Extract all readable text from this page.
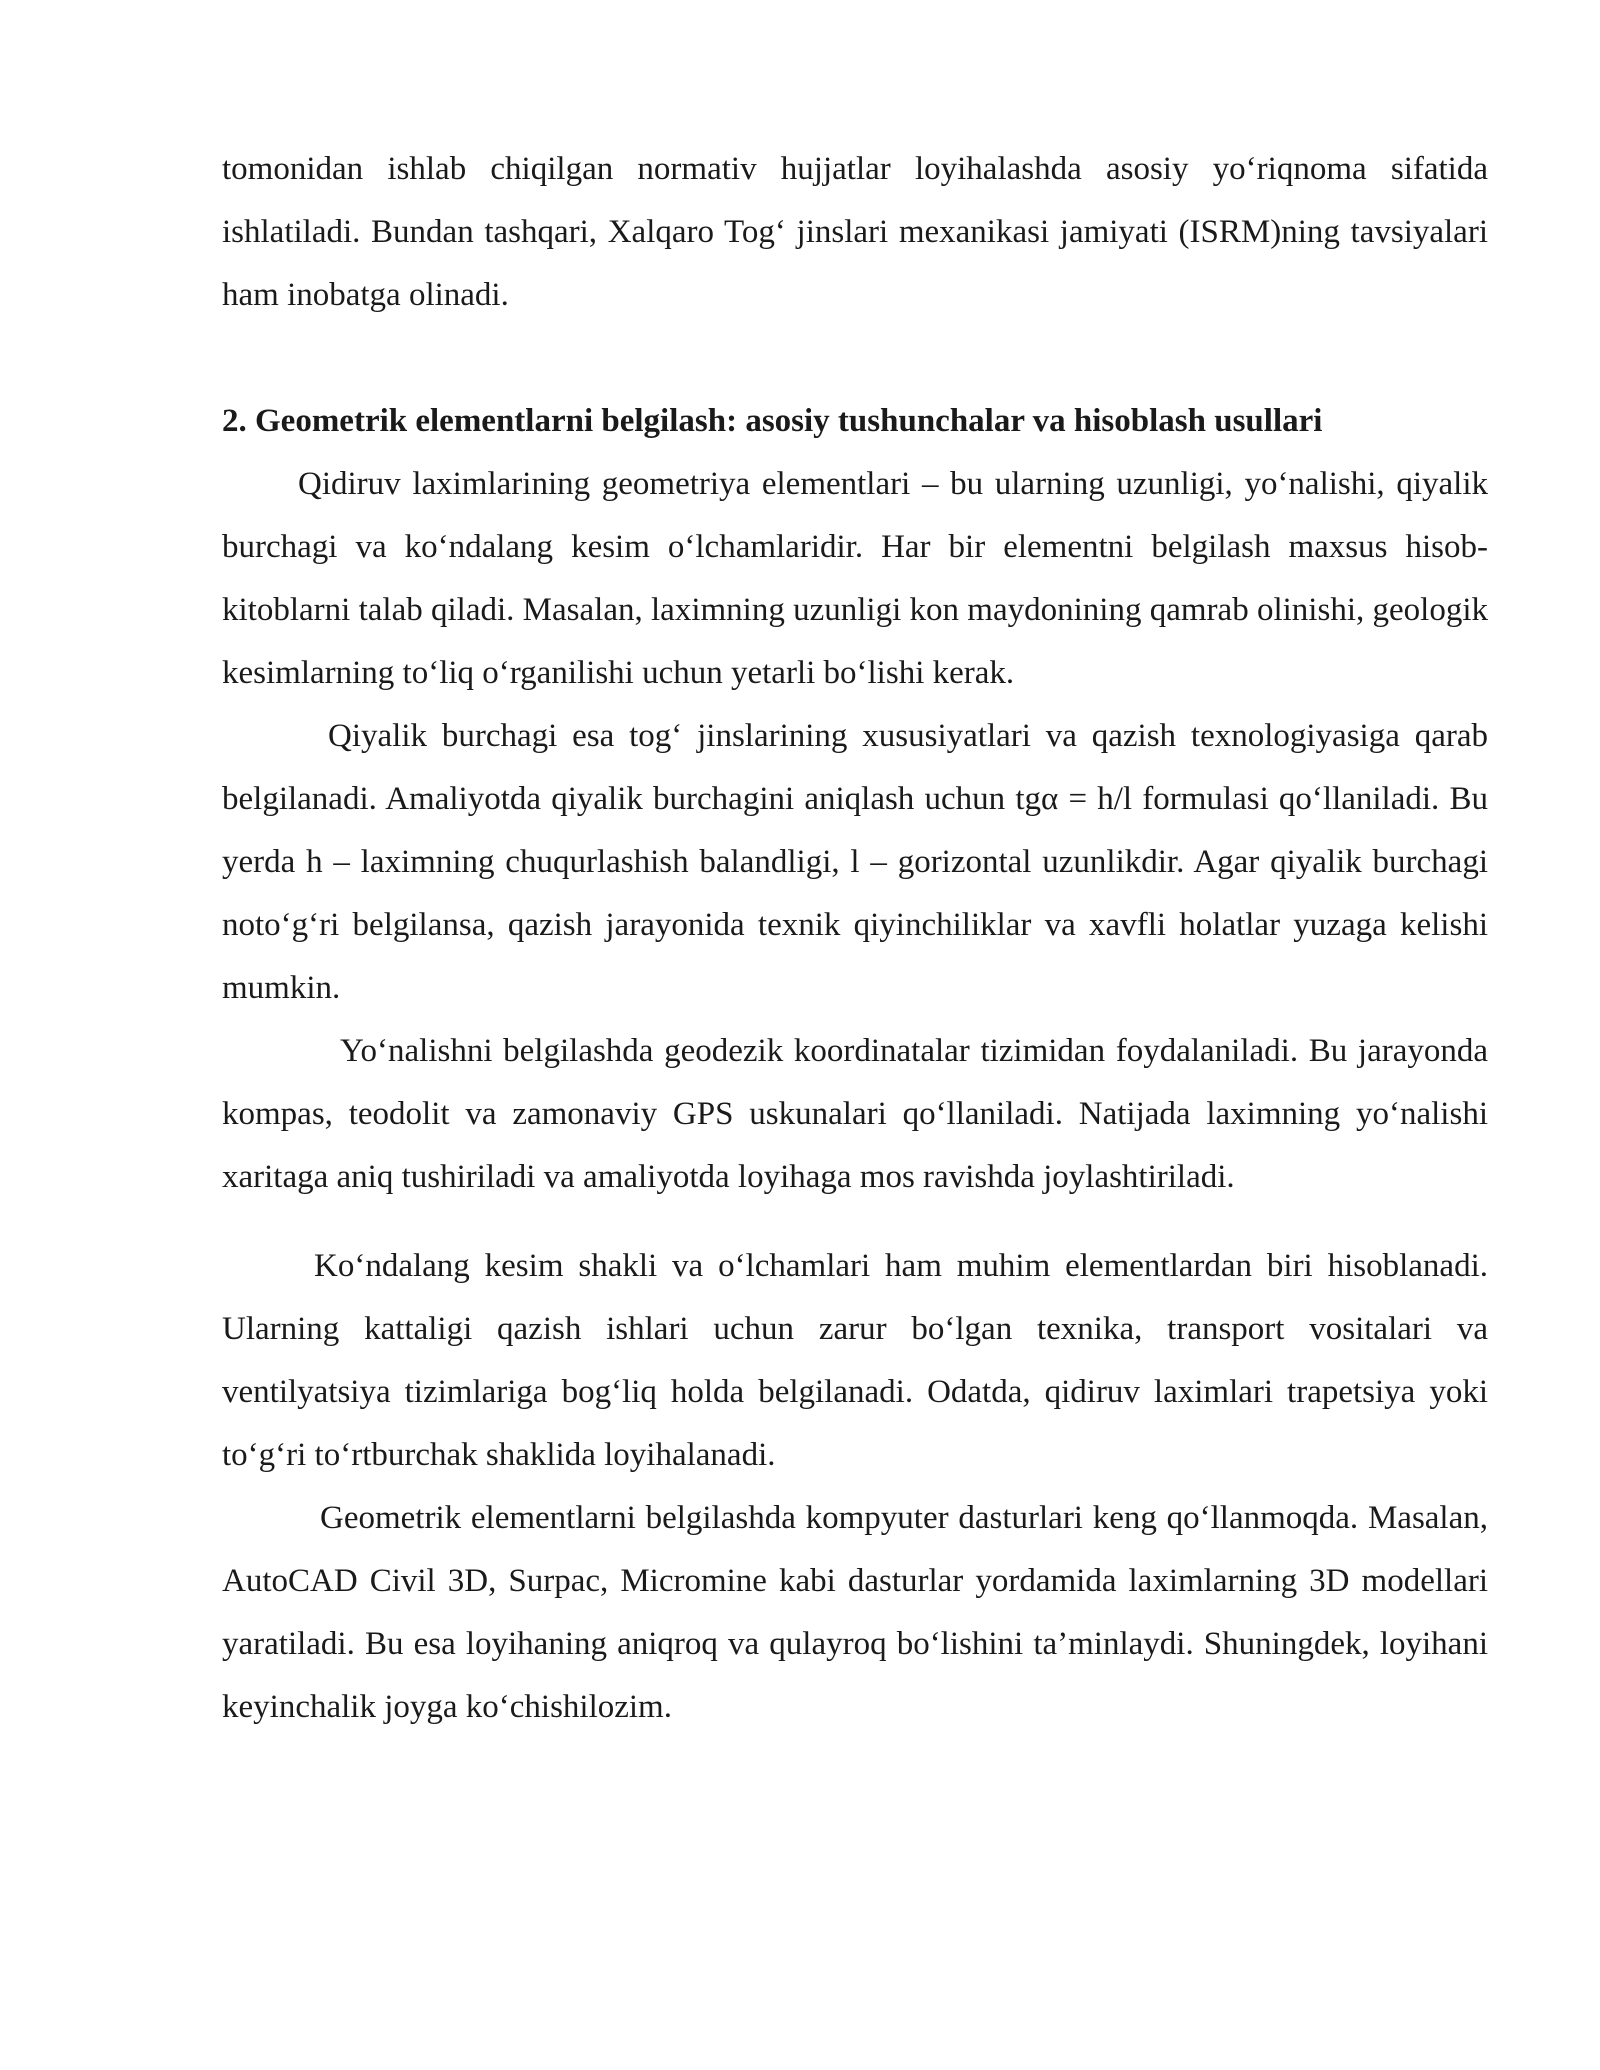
tomonidan ishlab chiqilgan normativ hujjatlar loyihalashda asosiy yo‘riqnoma sifatida ishlatiladi. Bundan tashqari, Xalqaro Tog‘ jinslari mexanikasi jamiyati (ISRM)ning tavsiyalari ham inobatga olinadi.

2. Geometrik elementlarni belgilash: asosiy tushunchalar va hisoblash usullari

Qidiruv laximlarining geometriya elementlari – bu ularning uzunligi, yo‘nalishi, qiyalik burchagi va ko‘ndalang kesim o‘lchamlaridir. Har bir elementni belgilash maxsus hisob-kitoblarni talab qiladi. Masalan, laximning uzunligi kon maydonining qamrab olinishi, geologik kesimlarning to‘liq o‘rganilishi uchun yetarli bo‘lishi kerak.

Qiyalik burchagi esa tog‘ jinslarining xususiyatlari va qazish texnologiyasiga qarab belgilanadi. Amaliyotda qiyalik burchagini aniqlash uchun tgα = h/l formulasi qo‘llaniladi. Bu yerda h – laximning chuqurlashish balandligi, l – gorizontal uzunlikdir. Agar qiyalik burchagi noto‘g‘ri belgilansa, qazish jarayonida texnik qiyinchiliklar va xavfli holatlar yuzaga kelishi mumkin.

Yo‘nalishni belgilashda geodezik koordinatalar tizimidan foydalaniladi. Bu jarayonda kompas, teodolit va zamonaviy GPS uskunalari qo‘llaniladi. Natijada laximning yo‘nalishi xaritaga aniq tushiriladi va amaliyotda loyihaga mos ravishda joylashtiriladi.

Ko‘ndalang kesim shakli va o‘lchamlari ham muhim elementlardan biri hisoblanadi. Ularning kattaligi qazish ishlari uchun zarur bo‘lgan texnika, transport vositalari va ventilyatsiya tizimlariga bog‘liq holda belgilanadi. Odatda, qidiruv laximlari trapetsiya yoki to‘g‘ri to‘rtburchak shaklida loyihalanadi.

Geometrik elementlarni belgilashda kompyuter dasturlari keng qo‘llanmoqda. Masalan, AutoCAD Civil 3D, Surpac, Micromine kabi dasturlar yordamida laximlarning 3D modellari yaratiladi. Bu esa loyihaning aniqroq va qulayroq bo‘lishini ta’minlaydi. Shuningdek, loyihani keyinchalik joyga ko‘chishilozim.
